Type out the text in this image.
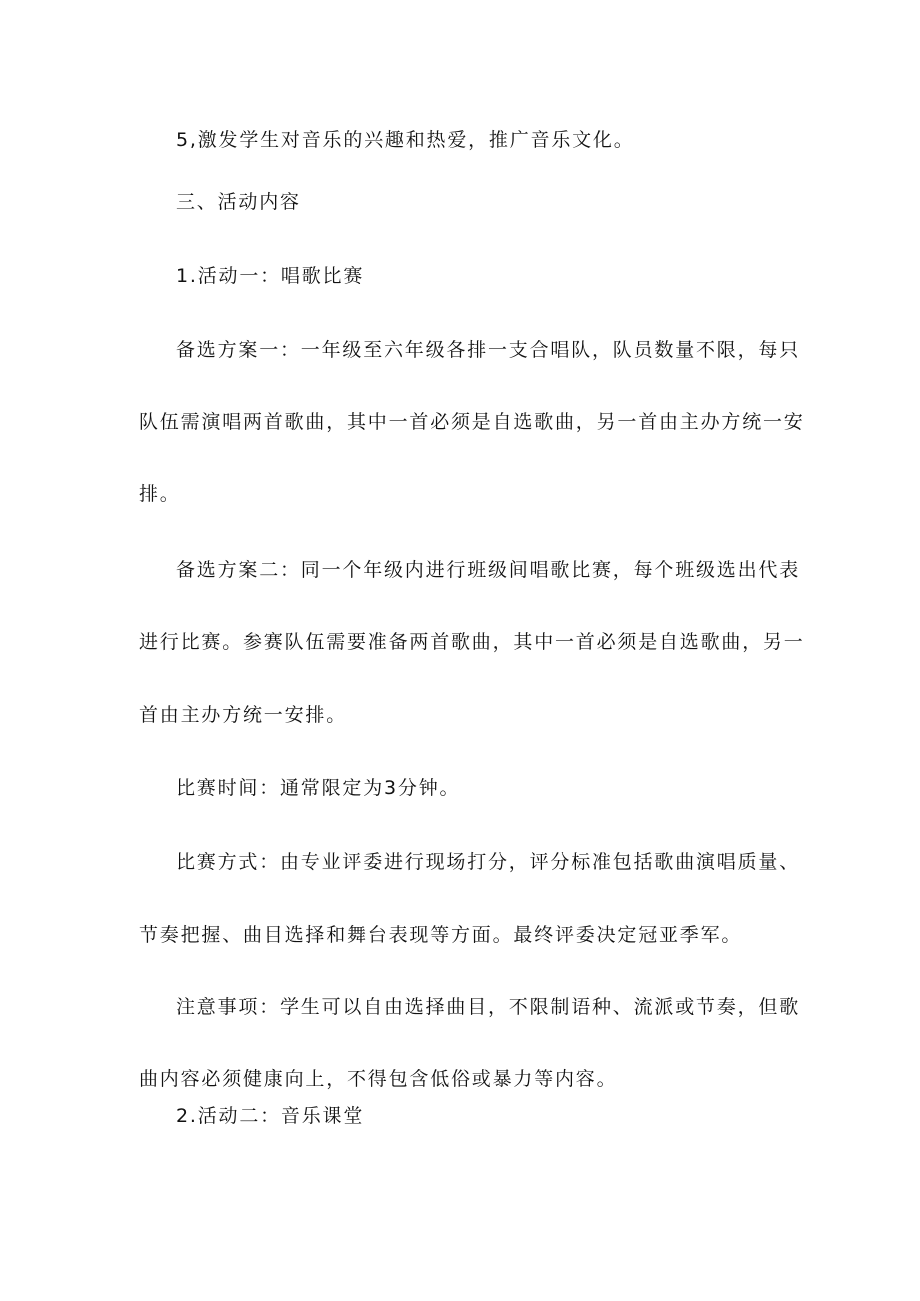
5,激发学生对音乐的兴趣和热爱，推广音乐文化。
三、活动内容
1.活动一：唱歌比赛
备选方案一：一年级至六年级各排一支合唱队，队员数量不限，每只
队伍需演唱两首歌曲，其中一首必须是自选歌曲，另一首由主办方统一安
排。
备选方案二：同一个年级内进行班级间唱歌比赛，每个班级选出代表
进行比赛。参赛队伍需要准备两首歌曲，其中一首必须是自选歌曲，另一
首由主办方统一安排。
比赛时间：通常限定为3分钟。
比赛方式：由专业评委进行现场打分，评分标准包括歌曲演唱质量、
节奏把握、曲目选择和舞台表现等方面。最终评委决定冠亚季军。
注意事项：学生可以自由选择曲目，不限制语种、流派或节奏，但歌
曲内容必须健康向上，不得包含低俗或暴力等内容。
2.活动二：音乐课堂
